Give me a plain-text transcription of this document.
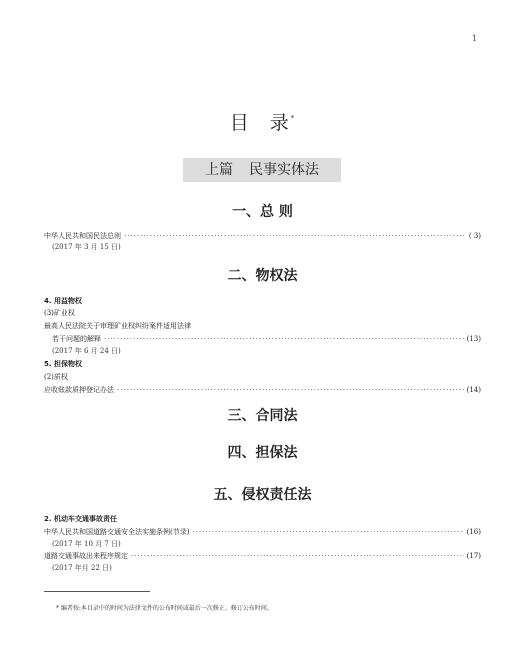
1
目 录*
上篇 民事实体法
一、总 则
中华人民共和国民法总则 ·····	( 3)
(2017 年 3 月 15 日)
二、物权法
4. 用益物权
(3)矿业权
最高人民法院关于审理矿业权纠纷案件适用法律
若干问题的解释 ·····	(13)
(2017 年 6 月 24 日)
5. 担保物权
(2)质权
应收账款质押登记办法 ·····	(14)
三、合同法
四、担保法
五、侵权责任法
2. 机动车交通事故责任
中华人民共和国道路交通安全法实施条例(节录) ·····	(16)
(2017 年 10 月 7 日)
道路交通事故出来程序规定 ·····	(17)
(2017 年月 22 日)
* 编者按:本目录中的时间为法律文件的公布时间或最后一次修正、修订公布时间。
